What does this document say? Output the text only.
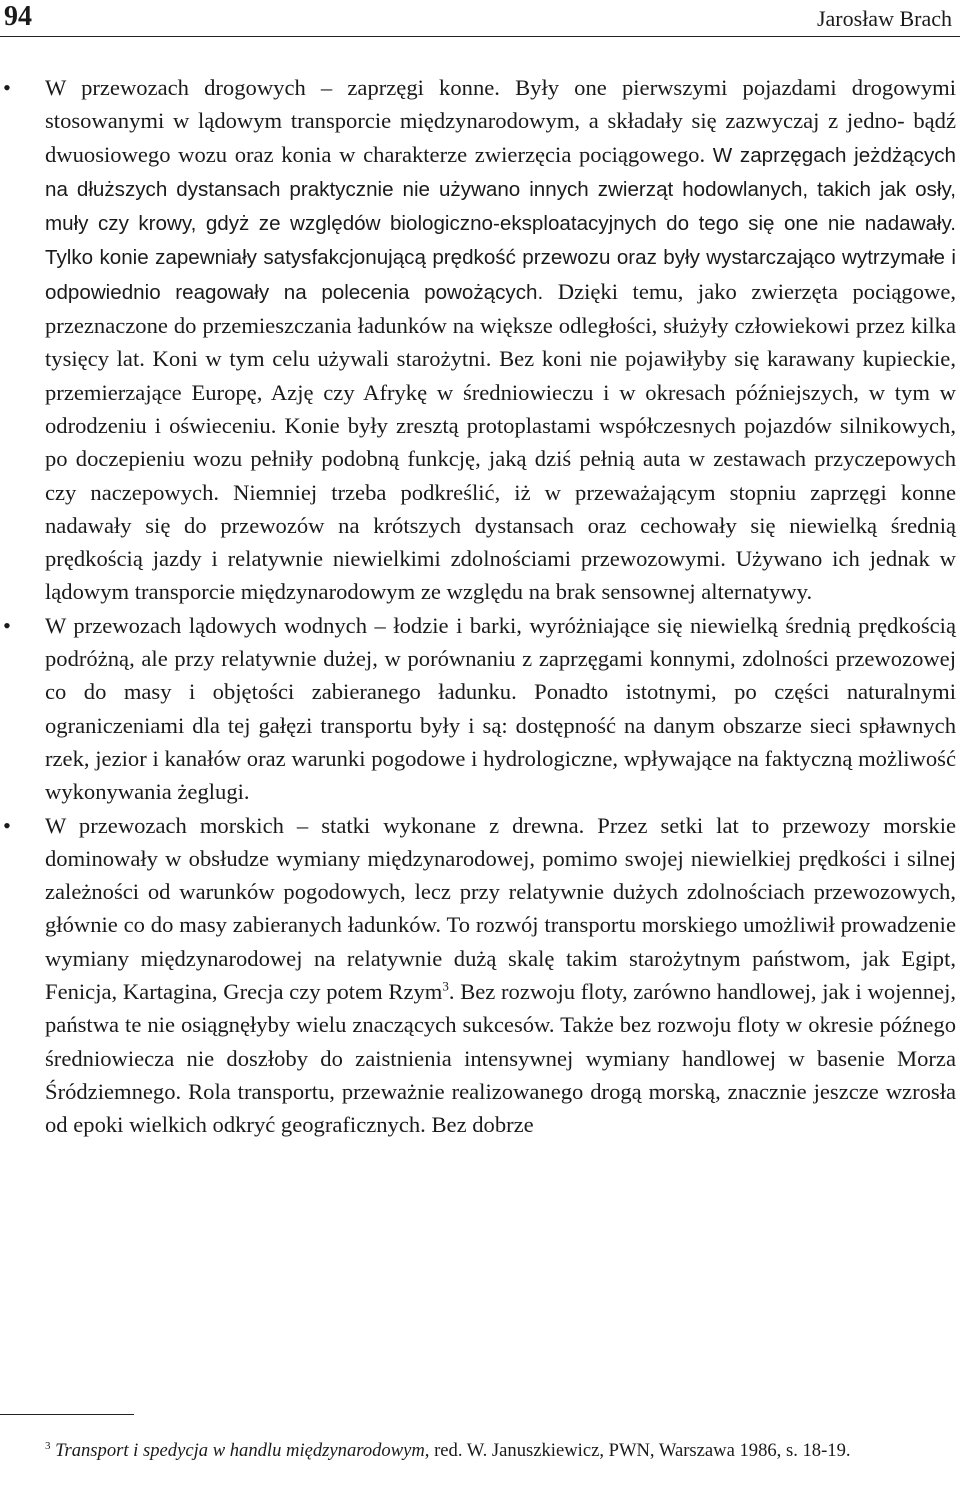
94	Jarosław Brach
• W przewozach drogowych – zaprzęgi konne. Były one pierwszymi pojazdami drogowymi stosowanymi w lądowym transporcie międzynarodowym, a składały się zazwyczaj z jedno- bądź dwuosiowego wozu oraz konia w charakterze zwierzęcia pociągowego. W zaprzęgach jeżdżących na dłuższych dystansach praktycznie nie używano innych zwierząt hodowlanych, takich jak osły, muły czy krowy, gdyż ze względów biologiczno-eksploatacyjnych do tego się one nie nadawały. Tylko konie zapewniały satysfakcjonującą prędkość przewozu oraz były wystarczająco wytrzymałe i odpowiednio reagowały na polecenia powożących. Dzięki temu, jako zwierzęta pociągowe, przeznaczone do przemieszczania ładunków na większe odległości, służyły człowiekowi przez kilka tysięcy lat. Koni w tym celu używali starożytni. Bez koni nie pojawiłyby się karawany kupieckie, przemierzające Europę, Azję czy Afrykę w średniowieczu i w okresach późniejszych, w tym w odrodzeniu i oświeceniu. Konie były zresztą protoplastami współczesnych pojazdów silnikowych, po doczepieniu wozu pełniły podobną funkcję, jaką dziś pełnią auta w zestawach przyczepowych czy naczepowych. Niemniej trzeba podkreślić, iż w przeważającym stopniu zaprzęgi konne nadawały się do przewozów na krótszych dystansach oraz cechowały się niewielką średnią prędkością jazdy i relatywnie niewielkimi zdolnościami przewozowymi. Używano ich jednak w lądowym transporcie międzynarodowym ze względu na brak sensownej alternatywy.

• W przewozach lądowych wodnych – łodzie i barki, wyróżniające się niewielką średnią prędkością podróżną, ale przy relatywnie dużej, w porównaniu z zaprzęgami konnymi, zdolności przewozowej co do masy i objętości zabieranego ładunku. Ponadto istotnymi, po części naturalnymi ograniczeniami dla tej gałęzi transportu były i są: dostępność na danym obszarze sieci spławnych rzek, jezior i kanałów oraz warunki pogodowe i hydrologiczne, wpływające na faktyczną możliwość wykonywania żeglugi.

• W przewozach morskich – statki wykonane z drewna. Przez setki lat to przewozy morskie dominowały w obsłudze wymiany międzynarodowej, pomimo swojej niewielkiej prędkości i silnej zależności od warunków pogodowych, lecz przy relatywnie dużych zdolnościach przewozowych, głównie co do masy zabieranych ładunków. To rozwój transportu morskiego umożliwił prowadzenie wymiany międzynarodowej na relatywnie dużą skalę takim starożytnym państwom, jak Egipt, Fenicja, Kartagina, Grecja czy potem Rzym$^3$. Bez rozwoju floty, zarówno handlowej, jak i wojennej, państwa te nie osiągnęłyby wielu znaczących sukcesów. Także bez rozwoju floty w okresie późnego średniowiecza nie doszłoby do zaistnienia intensywnej wymiany handlowej w basenie Morza Śródziemnego. Rola transportu, przeważnie realizowanego drogą morską, znacznie jeszcze wzrosła od epoki wielkich odkryć geograficznych. Bez dobrze

$^3$ Transport i spedycja w handlu międzynarodowym, red. W. Januszkiewicz, PWN, Warszawa 1986, s. 18-19.
